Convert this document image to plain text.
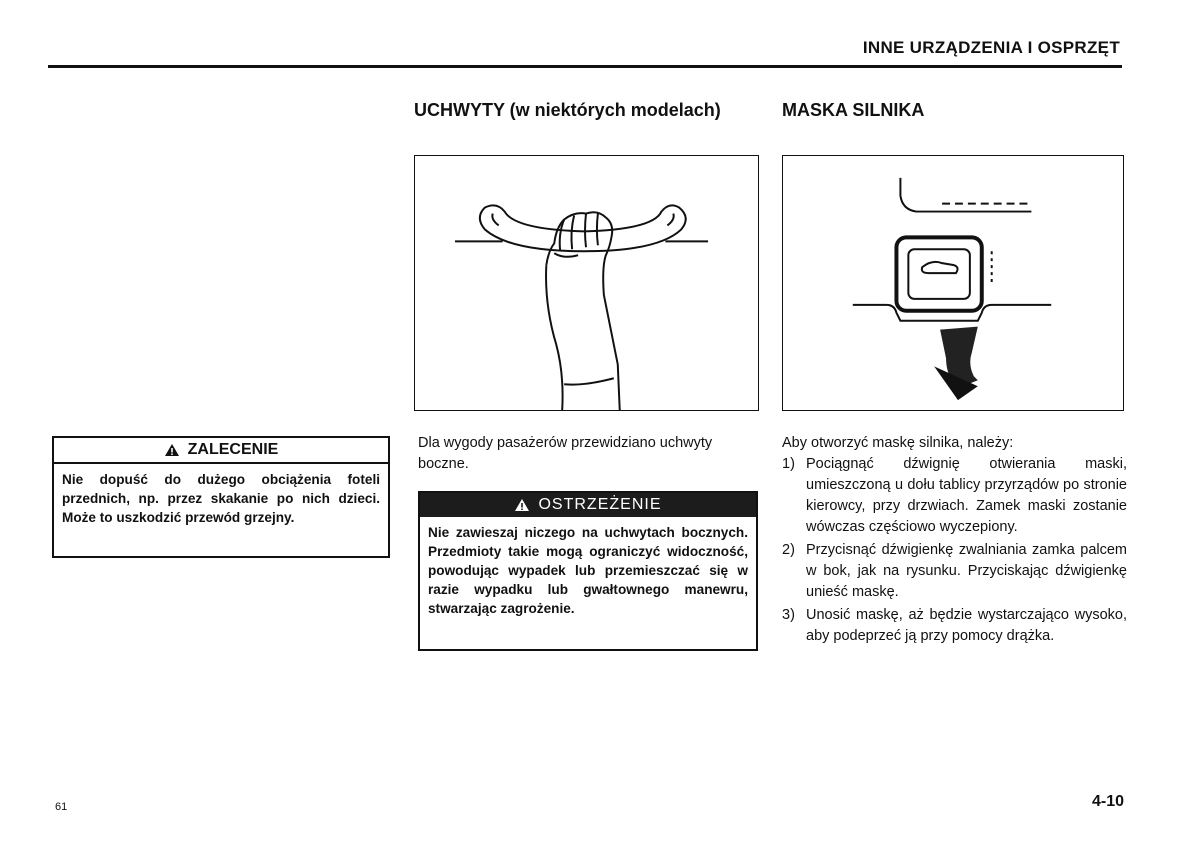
INNE URZĄDZENIA I OSPRZĘT
UCHWYTY (w niektórych modelach)	MASKA SILNIKA
Dla wygody pasażerów przewidziano uchwyty boczne.
OSTRZEŻENIE
Nie zawieszaj niczego na uchwytach bocznych. Przedmioty takie mogą ograniczyć widoczność, powodując wypadek lub przemieszczać się w razie wypadku lub gwałtownego manewru, stwarzając zagrożenie.
ZALECENIE
Nie dopuść do dużego obciążenia foteli przednich, np. przez skakanie po nich dzieci. Może to uszkodzić przewód grzejny.
Aby otworzyć maskę silnika, należy:
1) Pociągnąć dźwignię otwierania maski, umieszczoną u dołu tablicy przyrządów po stronie kierowcy, przy drzwiach. Zamek maski zostanie wówczas częściowo wyczepiony.
2) Przycisnąć dźwigienkę zwalniania zamka palcem w bok, jak na rysunku. Przyciskając dźwigienkę unieść maskę.
3) Unosić maskę, aż będzie wystarczająco wysoko, aby podeprzeć ją przy pomocy drążka.
61	4-10
